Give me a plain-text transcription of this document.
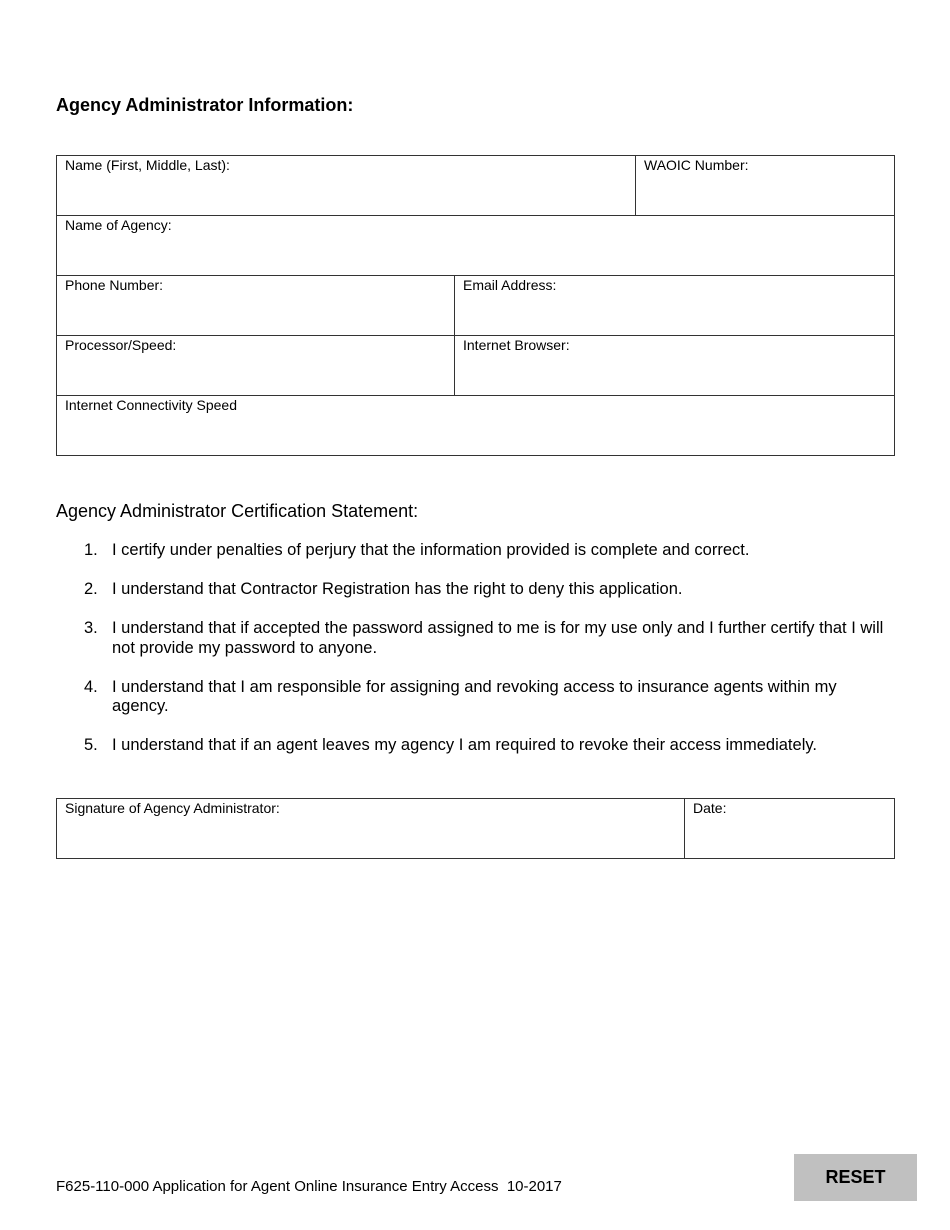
Agency Administrator Information:
Name (First, Middle, Last):		WAOIC Number:

Name of Agency:		

Phone Number:	Email Address:	

Processor/Speed:	Internet Browser:	

Internet Connectivity Speed		

Agency Administrator Certification Statement:

1. I certify under penalties of perjury that the information provided is complete and correct.
2. I understand that Contractor Registration has the right to deny this application.
3. I understand that if accepted the password assigned to me is for my use only and I further certify that I will not provide my password to anyone.
4. I understand that I am responsible for assigning and revoking access to insurance agents within my agency.
5. I understand that if an agent leaves my agency I am required to revoke their access immediately.
Signature of Agency Administrator:	Date:

F625-110-000 Application for Agent Online Insurance Entry Access  10-2017	RESET
